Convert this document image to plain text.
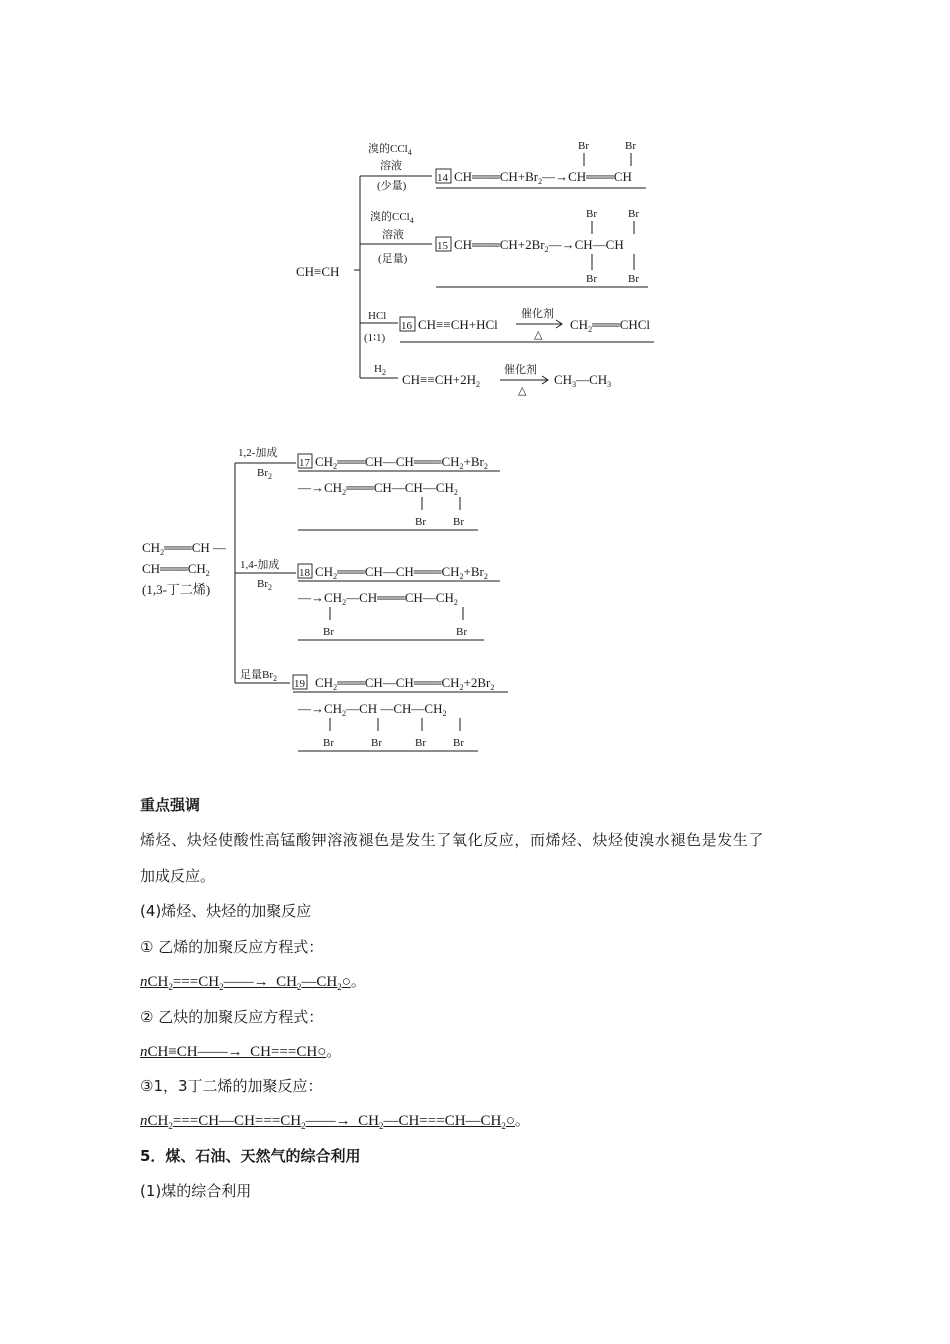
CH≡CH
溴的CCl$_4$
溶液
(少量)
14 $CH═══CH+Br_2—\to CH═══CH$
Br	Br
溴的CCl$_4$
溶液
(足量)
15 $CH═══CH+2Br_2—\to CH—CH$
Br	Br
Br	Br
HCl
(1∶1)
16 CH≡≡CH+HCl
催化剂
△
$CH_2═══CHCl$
$H_2$ $CH\equiv\equiv CH+2H_2$
催化剂
△
$CH_3—CH_3$
$CH_2═══CH$ —
$CH═══CH_2$
(1,3-丁二烯)
1,2-加成
$Br_2$
17 $CH_2═══CH—CH═══CH_2+Br_2$
$—\to CH_2═══CH—CH—CH_2$
Br Br
1,4-加成
$Br_2$
18 $CH_2═══CH—CH═══CH_2+Br_2$
$—\to CH_2—CH═══CH—CH_2$
Br	Br
足量$Br_2$ 19 $CH_2═══CH—CH═══CH_2+2Br_2$
$—\to CH_2—CH$ $—CH—CH_2$
Br	Br	Br Br
重点强调
烯烃、炔烃使酸性高锰酸钾溶液褪色是发生了氧化反应，而烯烃、炔烃使溴水褪色是发生了
加成反应。
(4)烯烃、炔烃的加聚反应
① 乙烯的加聚反应方程式：
$nCH_2===CH_2——\to$  $CH_2—CH_2○$。
② 乙炔的加聚反应方程式：
nCH≡CH——→  CH===CH○。
③1，3丁二烯的加聚反应：
$nCH_2===CH—CH===CH_2——\to$  $CH_2—CH===CH—CH_2○$。
5．煤、石油、天然气的综合利用
(1)煤的综合利用
